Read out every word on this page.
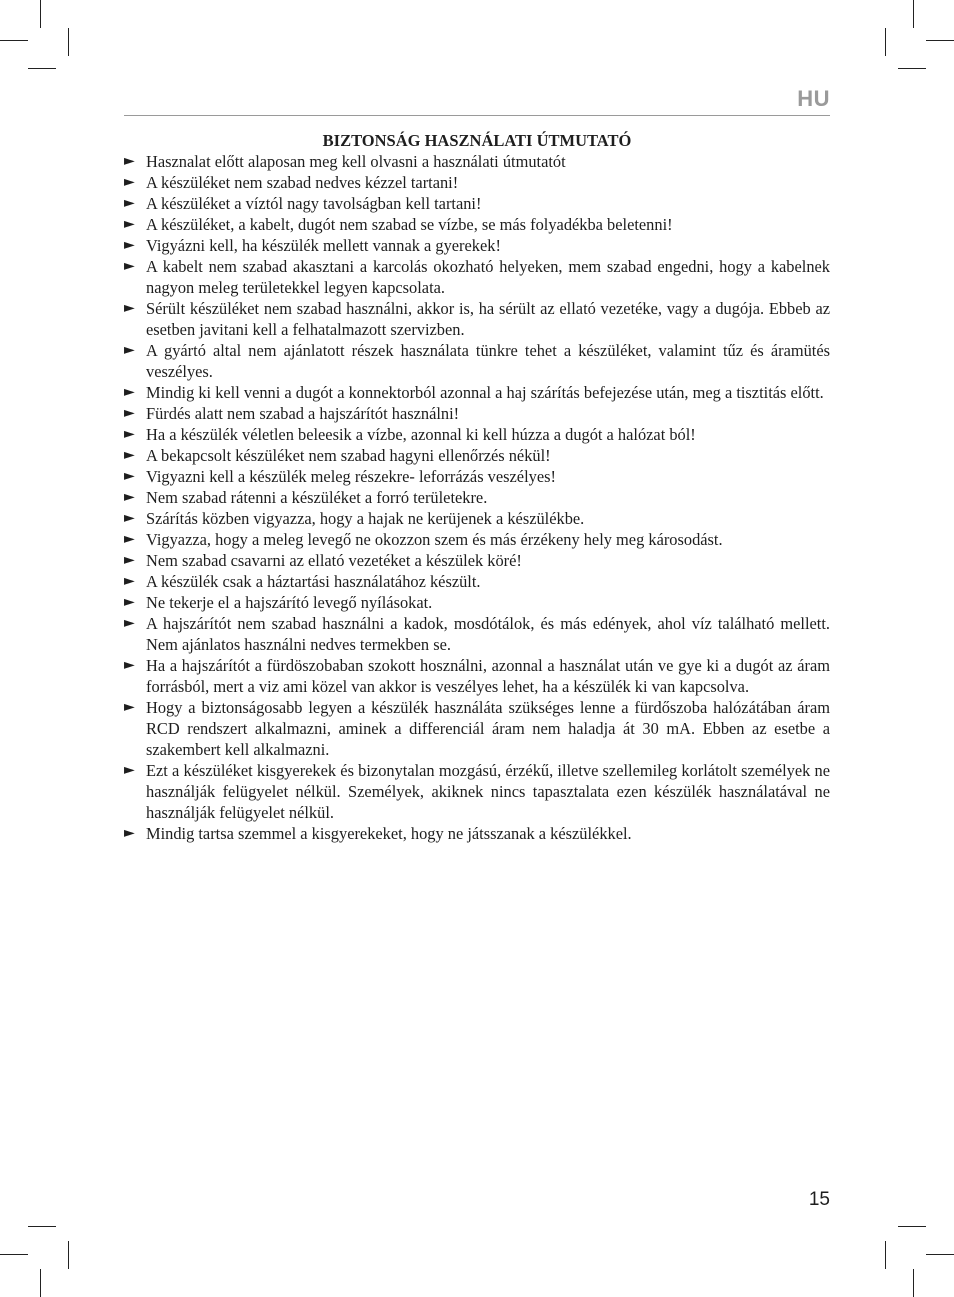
HU
BIZTONSÁG HASZNÁLATI ÚTMUTATÓ
► Hasznalat előtt alaposan meg kell olvasni a használati útmutatót
► A készüléket nem szabad nedves kézzel tartani!
► A készüléket a víztól nagy tavolságban kell tartani!
► A készüléket, a kabelt, dugót nem szabad se vízbe, se más folyadékba beletenni!
► Vigyázni kell, ha készülék mellett vannak a gyerekek!
► A kabelt nem szabad akasztani a karcolás okozható helyeken, mem szabad engedni, hogy a kabelnek nagyon meleg területekkel legyen kapcsolata.
► Sérült készüléket nem szabad használni, akkor is, ha sérült az ellató vezetéke, vagy a dugója. Ebbeb az esetben javitani kell a felhatalmazott szervizben.
► A gyártó altal nem ajánlatott részek használata tünkre tehet a készüléket, valamint tűz és áramütés veszélyes.
► Mindig ki kell venni a dugót a konnektorból azonnal a haj szárítás befejezése után, meg a tisztitás előtt.
► Fürdés alatt nem szabad a hajszárítót használni!
► Ha a készülék véletlen beleesik a vízbe, azonnal ki kell húzza a dugót a halózat ból!
► A bekapcsolt készüléket nem szabad hagyni ellenőrzés nékül!
► Vigyazni kell a készülék meleg részekre- leforrázás veszélyes!
► Nem szabad rátenni a készüléket a forró területekre.
► Szárítás közben vigyazza, hogy a hajak ne kerüjenek a készülékbe.
► Vigyazza, hogy a meleg levegő ne okozzon szem és más érzékeny hely meg károsodást.
► Nem szabad csavarni az ellató vezetéket a készülek köré!
► A készülék csak a háztartási használatához készült.
► Ne tekerje el a hajszárító levegő nyílásokat.
► A hajszárítót nem szabad használni a kadok, mosdótálok, és más edények, ahol víz található mellett. Nem ajánlatos használni nedves termekben se.
► Ha a hajszárítót a fürdöszobaban szokott hosználni, azonnal a használat után ve gye ki a dugót az áram forrásból, mert a viz ami közel van akkor is veszélyes lehet, ha a készülék ki van kapcsolva.
► Hogy a biztonságosabb legyen a készülék használáta szükséges lenne a fürdőszoba halózátában áram RCD rendszert alkalmazni, aminek a differenciál áram nem haladja át 30 mA. Ebben az esetbe a szakembert kell alkalmazni.
► Ezt a készüléket kisgyerekek és bizonytalan mozgású, érzékű, illetve szellemileg korlátolt személyek ne használják felügyelet nélkül. Személyek, akiknek nincs tapasztalata ezen készülék használatával ne használják felügyelet nélkül.
► Mindig tartsa szemmel a kisgyerekeket, hogy ne játsszanak a készülékkel.
15
